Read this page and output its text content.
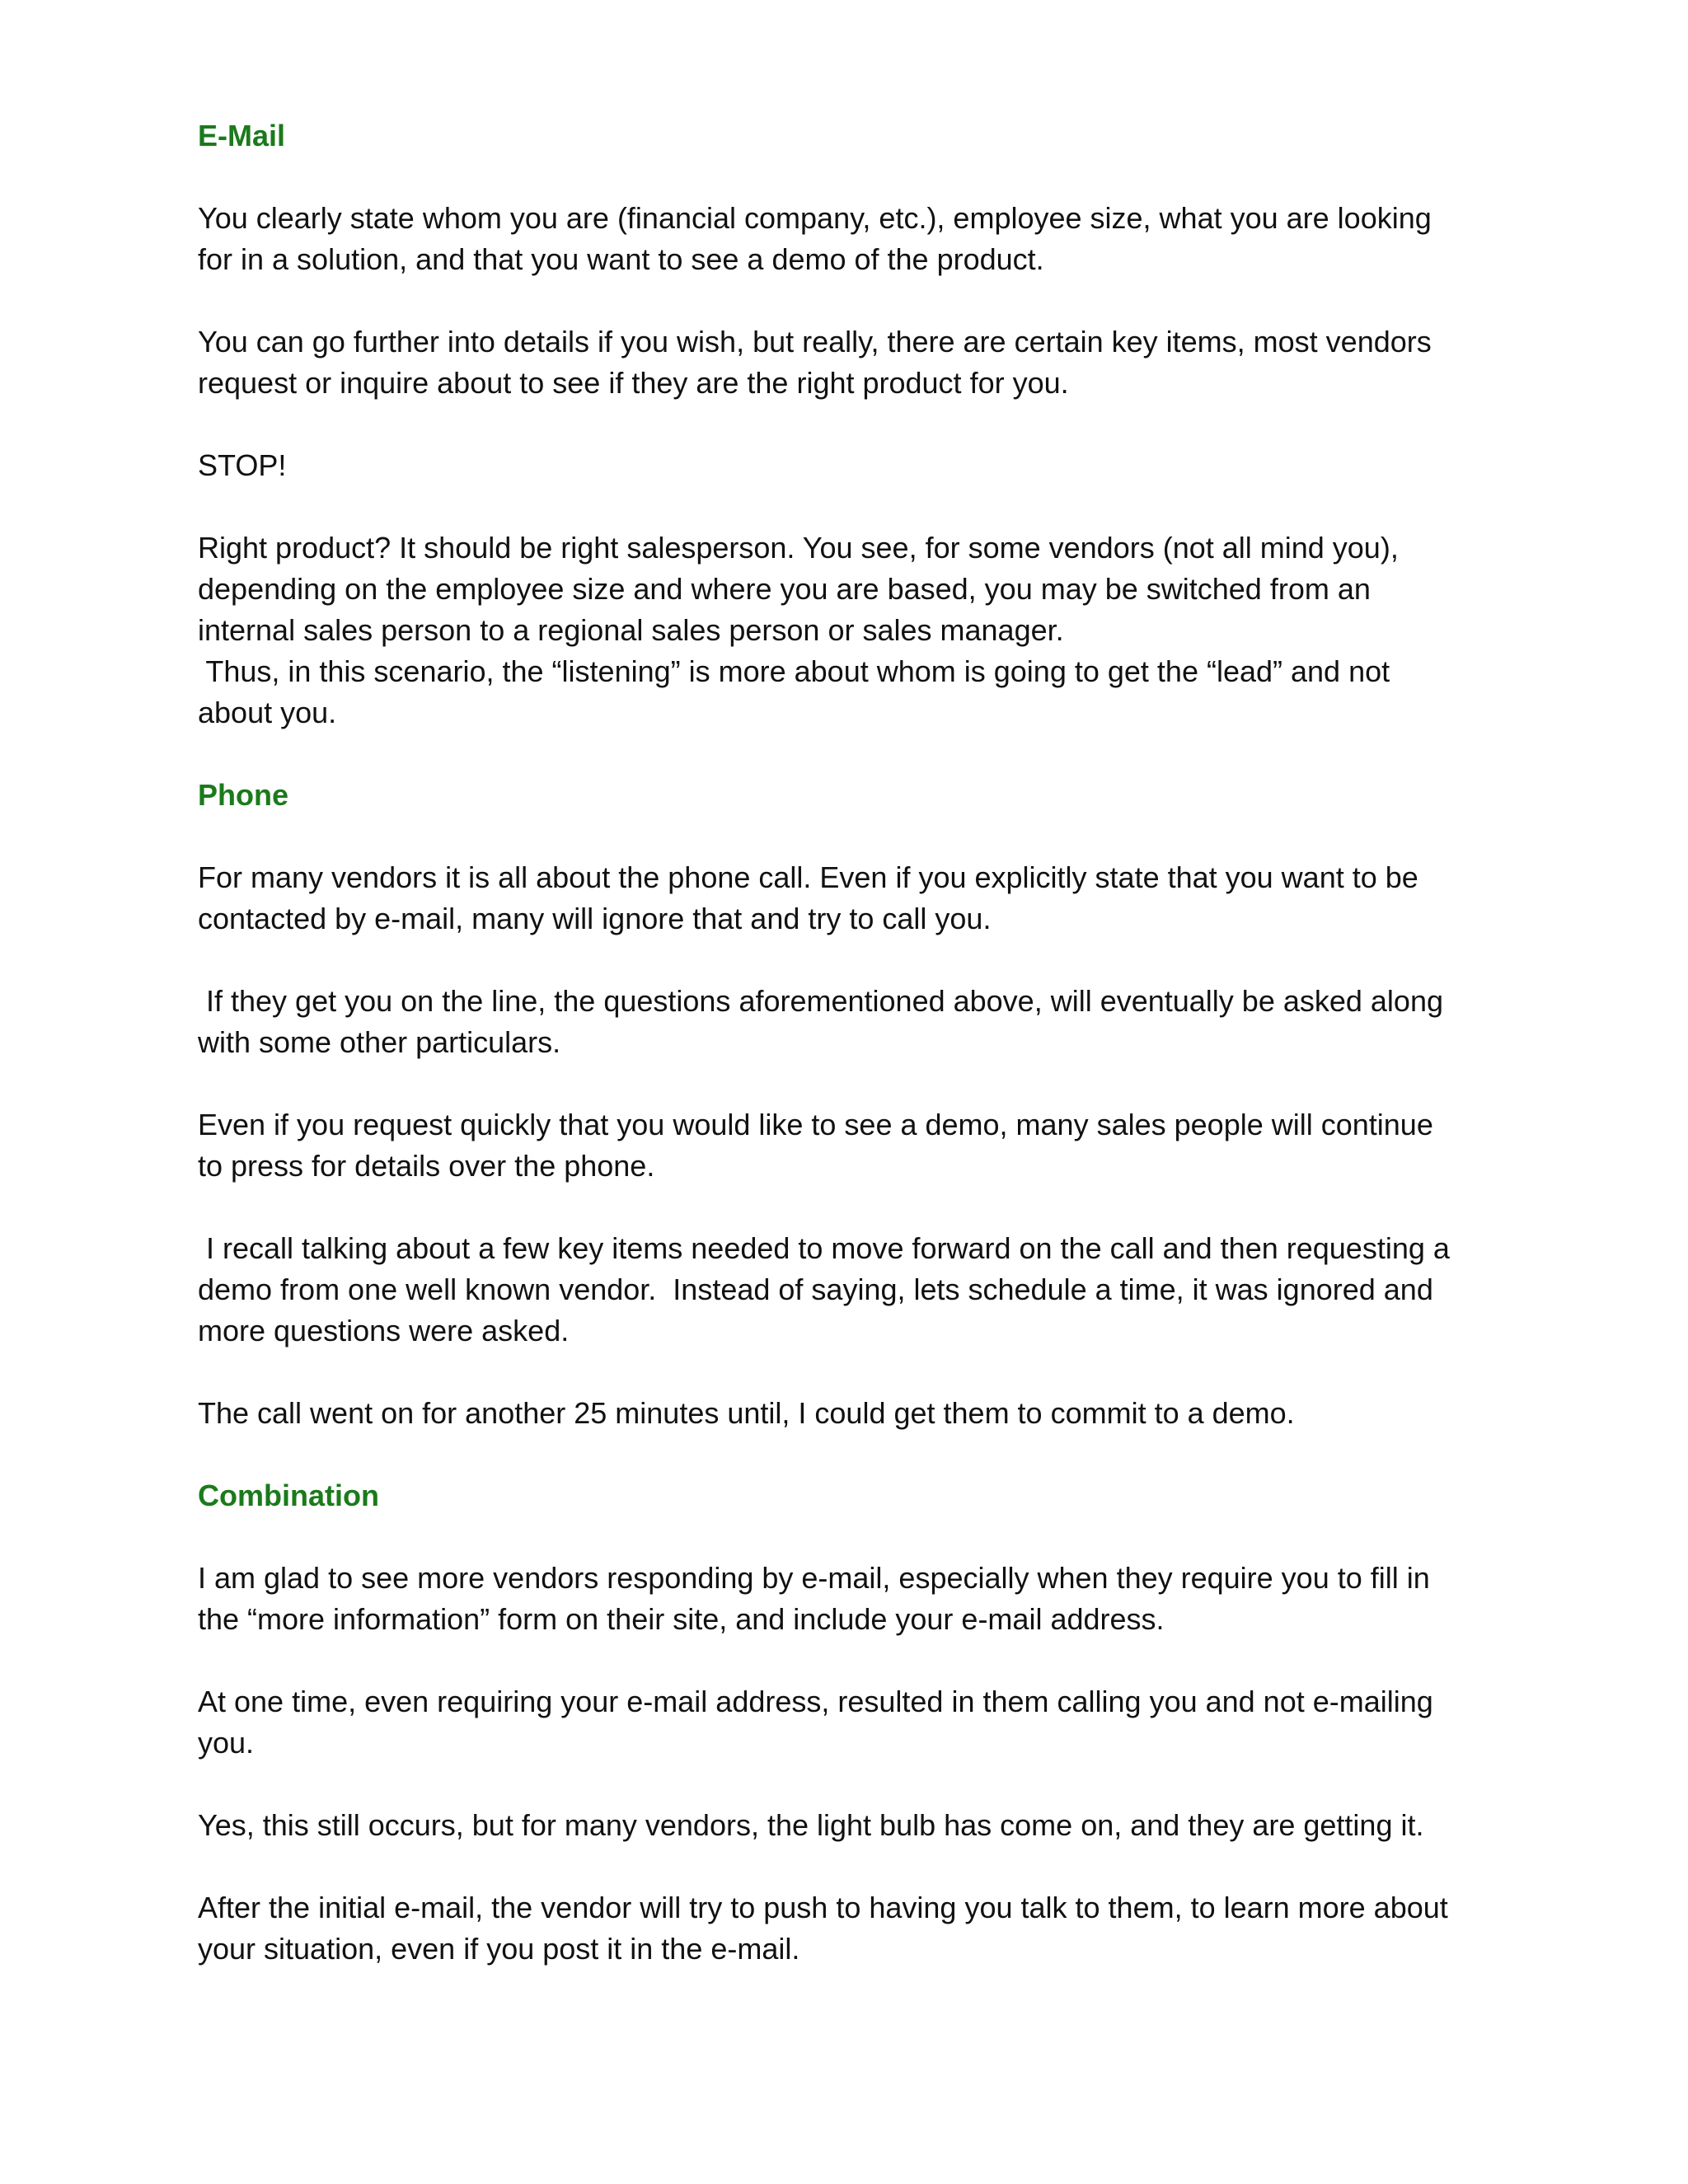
E-Mail
You clearly state whom you are (financial company, etc.), employee size, what you are looking
for in a solution, and that you want to see a demo of the product.
You can go further into details if you wish, but really, there are certain key items, most vendors
request or inquire about to see if they are the right product for you.
STOP!
Right product? It should be right salesperson. You see, for some vendors (not all mind you),
depending on the employee size and where you are based, you may be switched from an
internal sales person to a regional sales person or sales manager.
Thus, in this scenario, the “listening” is more about whom is going to get the “lead” and not
about you.
Phone
For many vendors it is all about the phone call. Even if you explicitly state that you want to be
contacted by e-mail, many will ignore that and try to call you.
If they get you on the line, the questions aforementioned above, will eventually be asked along
with some other particulars.
Even if you request quickly that you would like to see a demo, many sales people will continue
to press for details over the phone.
I recall talking about a few key items needed to move forward on the call and then requesting a
demo from one well known vendor.  Instead of saying, lets schedule a time, it was ignored and
more questions were asked.
The call went on for another 25 minutes until, I could get them to commit to a demo.
Combination
I am glad to see more vendors responding by e-mail, especially when they require you to fill in
the “more information” form on their site, and include your e-mail address.
At one time, even requiring your e-mail address, resulted in them calling you and not e-mailing
you.
Yes, this still occurs, but for many vendors, the light bulb has come on, and they are getting it.
After the initial e-mail, the vendor will try to push to having you talk to them, to learn more about
your situation, even if you post it in the e-mail.
